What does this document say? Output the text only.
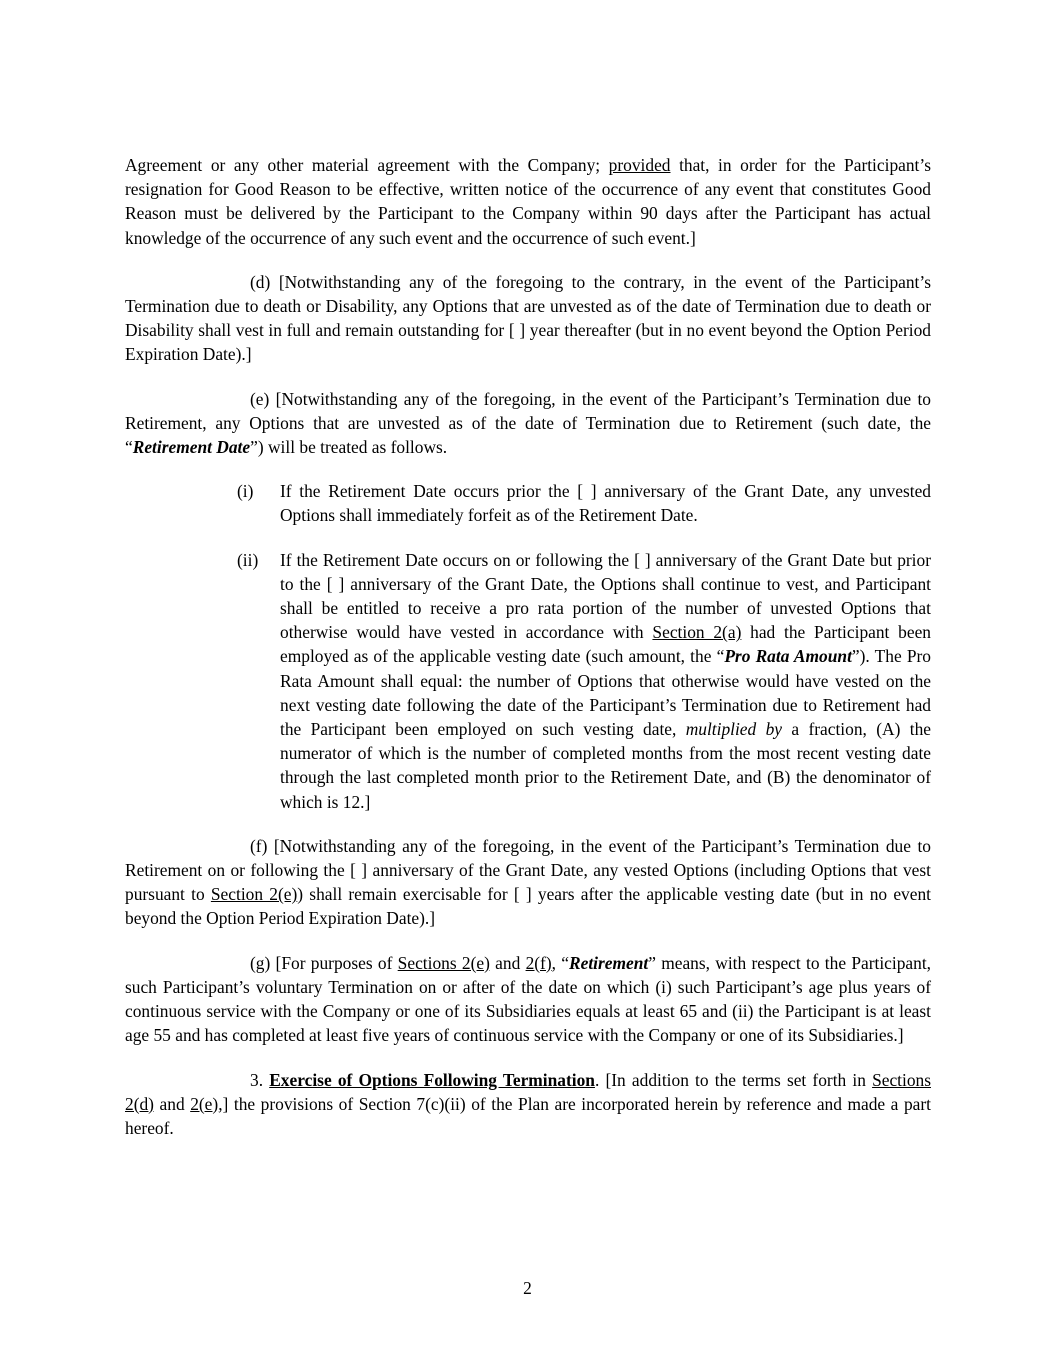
Agreement or any other material agreement with the Company; provided that, in order for the Participant’s resignation for Good Reason to be effective, written notice of the occurrence of any event that constitutes Good Reason must be delivered by the Participant to the Company within 90 days after the Participant has actual knowledge of the occurrence of any such event and the occurrence of such event.]

(d) [Notwithstanding any of the foregoing to the contrary, in the event of the Participant’s Termination due to death or Disability, any Options that are unvested as of the date of Termination due to death or Disability shall vest in full and remain outstanding for [ ] year thereafter (but in no event beyond the Option Period Expiration Date).]

(e) [Notwithstanding any of the foregoing, in the event of the Participant’s Termination due to Retirement, any Options that are unvested as of the date of Termination due to Retirement (such date, the “Retirement Date”) will be treated as follows.

(i) If the Retirement Date occurs prior the [ ] anniversary of the Grant Date, any unvested Options shall immediately forfeit as of the Retirement Date.

(ii) If the Retirement Date occurs on or following the [ ] anniversary of the Grant Date but prior to the [ ] anniversary of the Grant Date, the Options shall continue to vest, and Participant shall be entitled to receive a pro rata portion of the number of unvested Options that otherwise would have vested in accordance with Section 2(a) had the Participant been employed as of the applicable vesting date (such amount, the “Pro Rata Amount”). The Pro Rata Amount shall equal: the number of Options that otherwise would have vested on the next vesting date following the date of the Participant’s Termination due to Retirement had the Participant been employed on such vesting date, multiplied by a fraction, (A) the numerator of which is the number of completed months from the most recent vesting date through the last completed month prior to the Retirement Date, and (B) the denominator of which is 12.]

(f) [Notwithstanding any of the foregoing, in the event of the Participant’s Termination due to Retirement on or following the [ ] anniversary of the Grant Date, any vested Options (including Options that vest pursuant to Section 2(e)) shall remain exercisable for [ ] years after the applicable vesting date (but in no event beyond the Option Period Expiration Date).]

(g) [For purposes of Sections 2(e) and 2(f), “Retirement” means, with respect to the Participant, such Participant’s voluntary Termination on or after of the date on which (i) such Participant’s age plus years of continuous service with the Company or one of its Subsidiaries equals at least 65 and (ii) the Participant is at least age 55 and has completed at least five years of continuous service with the Company or one of its Subsidiaries.]

3. Exercise of Options Following Termination. [In addition to the terms set forth in Sections 2(d) and 2(e),] the provisions of Section 7(c)(ii) of the Plan are incorporated herein by reference and made a part hereof.

2
